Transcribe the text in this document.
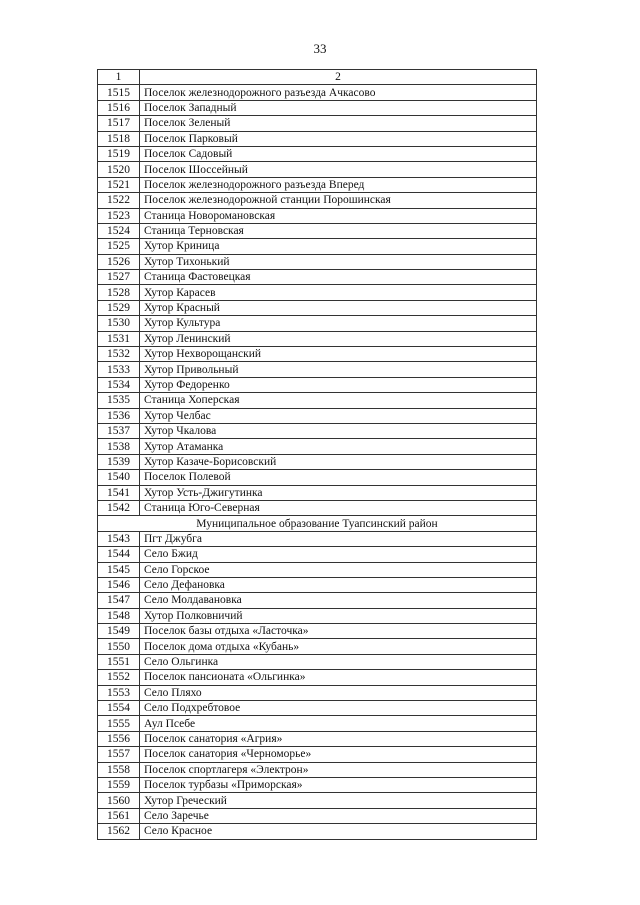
33
1	2
1515	Поселок железнодорожного разъезда Ачкасово
1516	Поселок Западный
1517	Поселок Зеленый
1518	Поселок Парковый
1519	Поселок Садовый
1520	Поселок Шоссейный
1521	Поселок железнодорожного разъезда Вперед
1522	Поселок железнодорожной станции Порошинская
1523	Станица Новоромановская
1524	Станица Терновская
1525	Хутор Криница
1526	Хутор Тихонький
1527	Станица Фастовецкая
1528	Хутор Карасев
1529	Хутор Красный
1530	Хутор Культура
1531	Хутор Ленинский
1532	Хутор Нехворощанский
1533	Хутор Привольный
1534	Хутор Федоренко
1535	Станица Хоперская
1536	Хутор Челбас
1537	Хутор Чкалова
1538	Хутор Атаманка
1539	Хутор Казаче-Борисовский
1540	Поселок Полевой
1541	Хутор Усть-Джигутинка
1542	Станица Юго-Северная
Муниципальное образование Туапсинский район	
1543	Пгт Джубга
1544	Село Бжид
1545	Село Горское
1546	Село Дефановка
1547	Село Молдавановка
1548	Хутор Полковничий
1549	Поселок базы отдыха «Ласточка»
1550	Поселок дома отдыха «Кубань»
1551	Село Ольгинка
1552	Поселок пансионата «Ольгинка»
1553	Село Пляхо
1554	Село Подхребтовое
1555	Аул Псебе
1556	Поселок санатория «Агрия»
1557	Поселок санатория «Черноморье»
1558	Поселок спортлагеря «Электрон»
1559	Поселок турбазы «Приморская»
1560	Хутор Греческий
1561	Село Заречье
1562	Село Красное
